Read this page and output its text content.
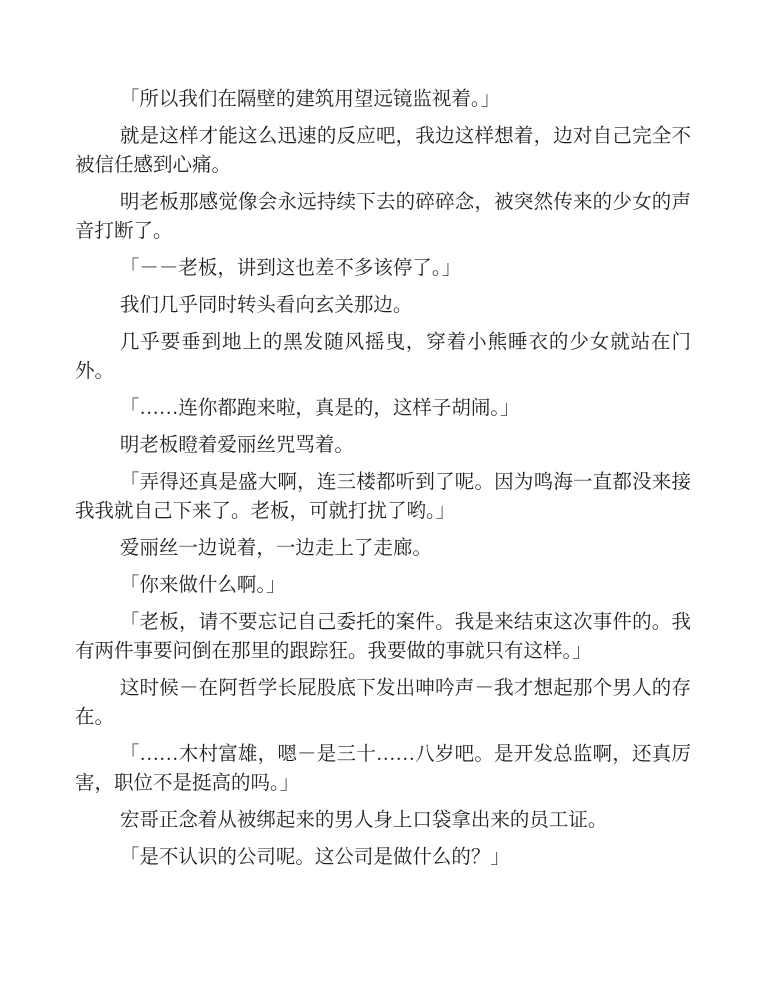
「所以我们在隔壁的建筑用望远镜监视着。」

就是这样才能这么迅速的反应吧，我边这样想着，边对自己完全不被信任感到心痛。

明老板那感觉像会永远持续下去的碎碎念，被突然传来的少女的声音打断了。

「－－老板，讲到这也差不多该停了。」

我们几乎同时转头看向玄关那边。

几乎要垂到地上的黑发随风摇曳，穿着小熊睡衣的少女就站在门外。

「……连你都跑来啦，真是的，这样子胡闹。」

明老板瞪着爱丽丝咒骂着。

「弄得还真是盛大啊，连三楼都听到了呢。因为鸣海一直都没来接我我就自己下来了。老板，可就打扰了哟。」

爱丽丝一边说着，一边走上了走廊。

「你来做什么啊。」

「老板，请不要忘记自己委托的案件。我是来结束这次事件的。我有两件事要问倒在那里的跟踪狂。我要做的事就只有这样。」

这时候－在阿哲学长屁股底下发出呻吟声－我才想起那个男人的存在。

「……木村富雄，嗯－是三十……八岁吧。是开发总监啊，还真厉害，职位不是挺高的吗。」

宏哥正念着从被绑起来的男人身上口袋拿出来的员工证。

「是不认识的公司呢。这公司是做什么的？」
